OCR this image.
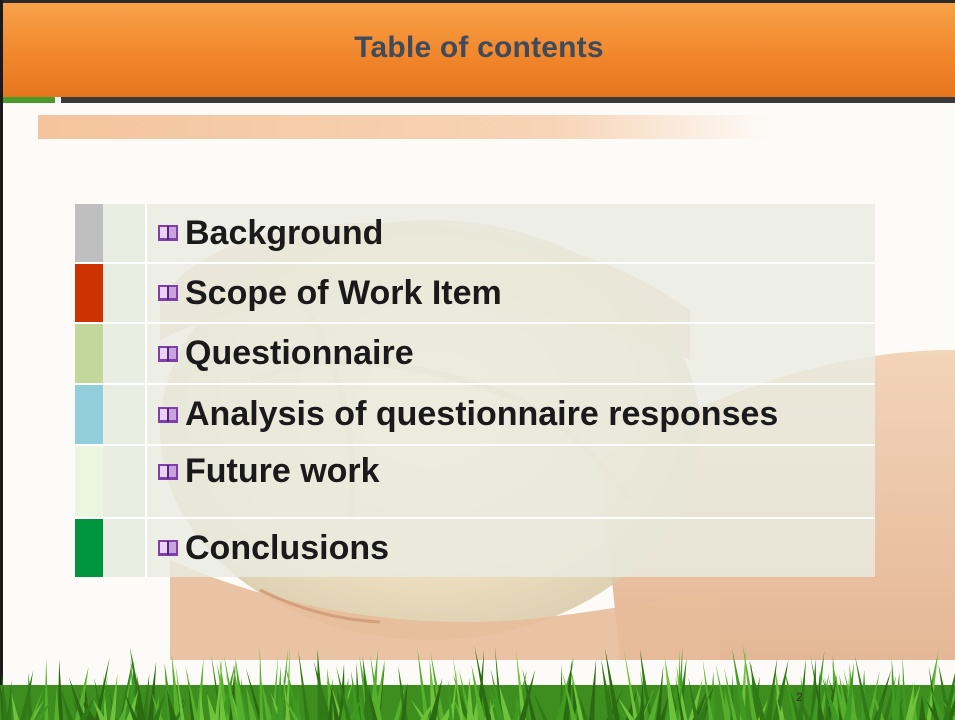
Table of contents
Background
Scope of Work Item
Questionnaire
Analysis of questionnaire responses
Future work
Conclusions
2
